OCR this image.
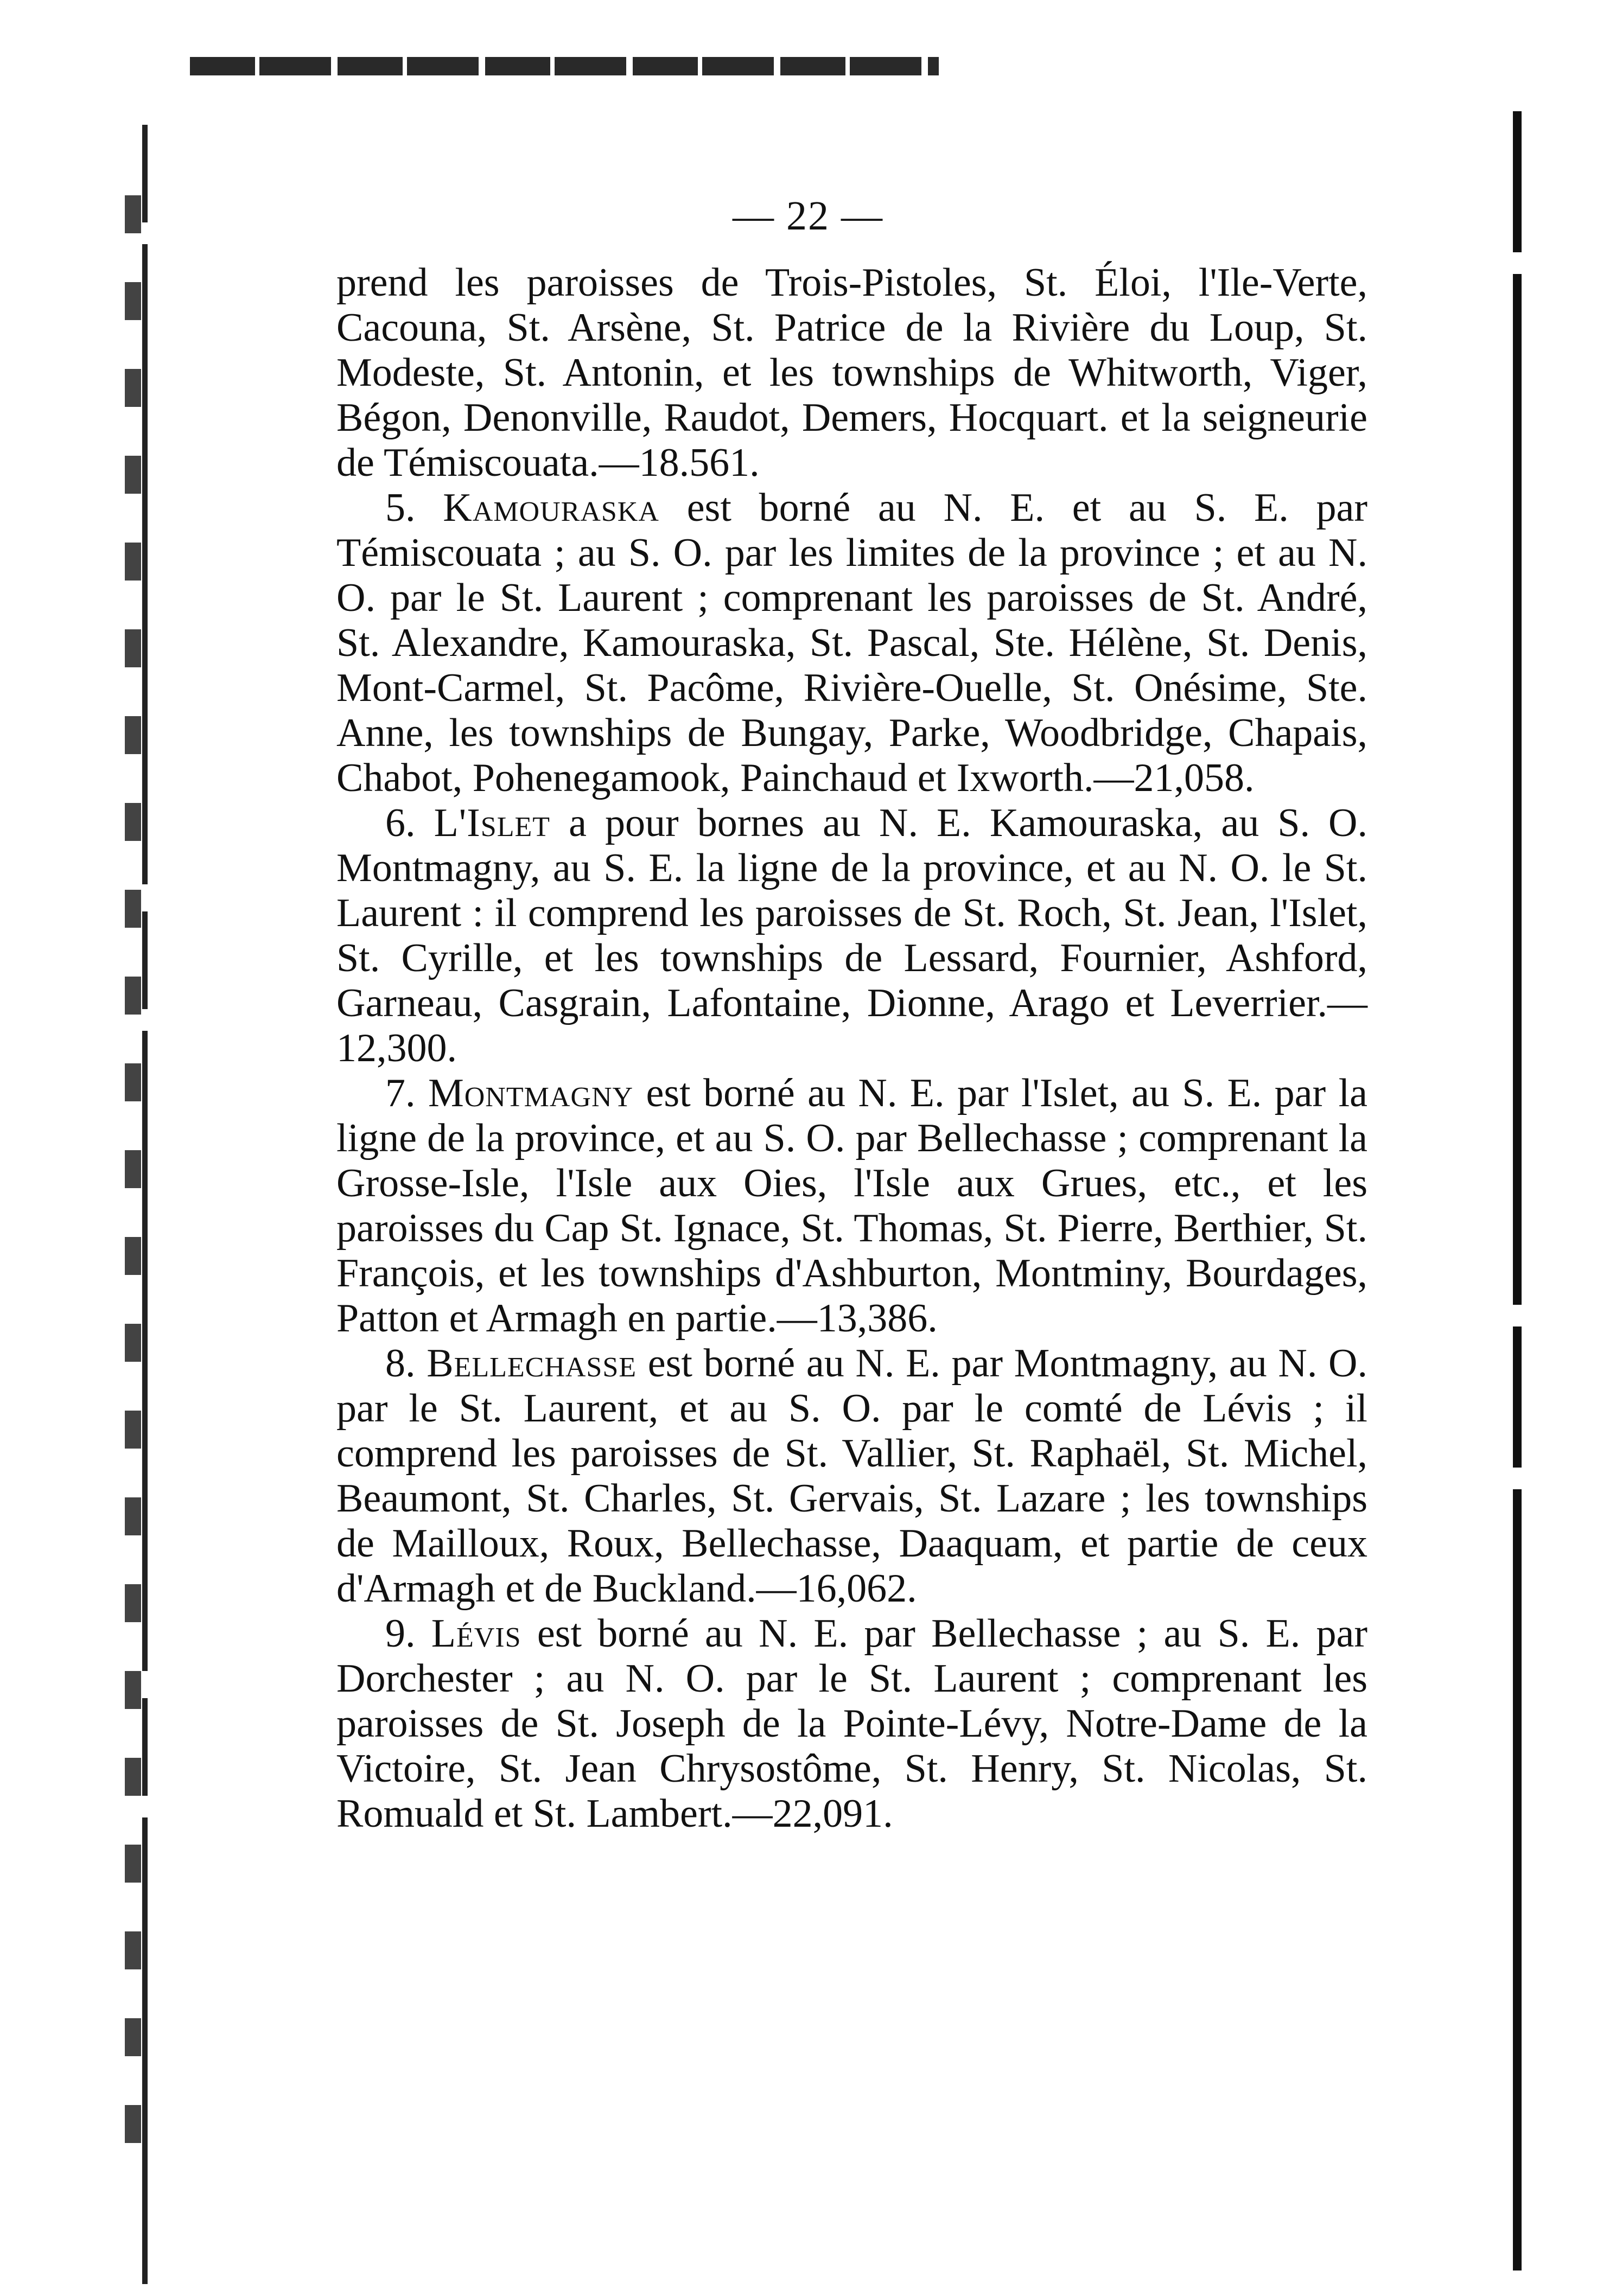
— 22 —

prend les paroisses de Trois-Pistoles, St. Éloi, l'Ile-Verte, Cacouna, St. Arsène, St. Patrice de la Rivière du Loup, St. Modeste, St. Antonin, et les townships de Whitworth, Viger, Bégon, Denonville, Raudot, Demers, Hocquart. et la seigneurie de Témiscouata.—18.561.

5. Kamouraska est borné au N. E. et au S. E. par Témiscouata ; au S. O. par les limites de la province ; et au N. O. par le St. Laurent ; comprenant les paroisses de St. André, St. Alexandre, Kamouraska, St. Pascal, Ste. Hélène, St. Denis, Mont-Carmel, St. Pacôme, Rivière-Ouelle, St. Onésime, Ste. Anne, les townships de Bungay, Parke, Woodbridge, Chapais, Chabot, Pohenegamook, Painchaud et Ixworth.—21,058.

6. L'Islet a pour bornes au N. E. Kamouraska, au S. O. Montmagny, au S. E. la ligne de la province, et au N. O. le St. Laurent : il comprend les paroisses de St. Roch, St. Jean, l'Islet, St. Cyrille, et les townships de Lessard, Fournier, Ashford, Garneau, Casgrain, Lafontaine, Dionne, Arago et Leverrier.—12,300.

7. Montmagny est borné au N. E. par l'Islet, au S. E. par la ligne de la province, et au S. O. par Bellechasse ; comprenant la Grosse-Isle, l'Isle aux Oies, l'Isle aux Grues, etc., et les paroisses du Cap St. Ignace, St. Thomas, St. Pierre, Berthier, St. François, et les townships d'Ashburton, Montminy, Bourdages, Patton et Armagh en partie.—13,386.

8. Bellechasse est borné au N. E. par Montmagny, au N. O. par le St. Laurent, et au S. O. par le comté de Lévis ; il comprend les paroisses de St. Vallier, St. Raphaël, St. Michel, Beaumont, St. Charles, St. Gervais, St. Lazare ; les townships de Mailloux, Roux, Bellechasse, Daaquam, et partie de ceux d'Armagh et de Buckland.—16,062.

9. Lévis est borné au N. E. par Bellechasse ; au S. E. par Dorchester ; au N. O. par le St. Laurent ; comprenant les paroisses de St. Joseph de la Pointe-Lévy, Notre-Dame de la Victoire, St. Jean Chrysostôme, St. Henry, St. Nicolas, St. Romuald et St. Lambert.—22,091.
